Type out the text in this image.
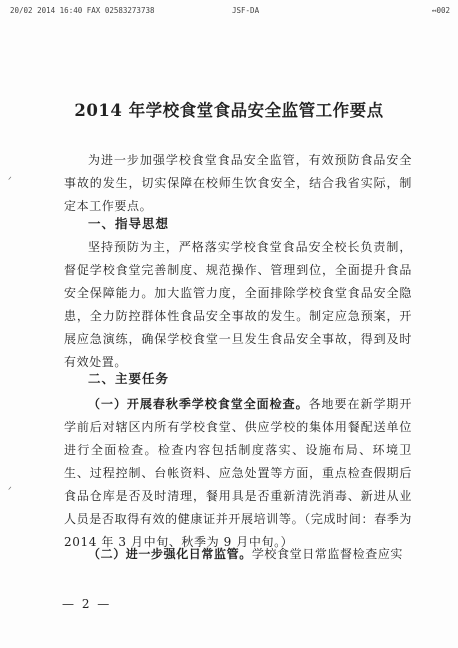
20/02 2014 16:40 FAX 02583273738	JSF-DA	↤002
ᐟ
ᐟ
2014 年学校食堂食品安全监管工作要点
为进一步加强学校食堂食品安全监管，有效预防食品安全事故的发生，切实保障在校师生饮食安全，结合我省实际，制定本工作要点。
一、指导思想
坚持预防为主，严格落实学校食堂食品安全校长负责制，督促学校食堂完善制度、规范操作、管理到位，全面提升食品安全保障能力。加大监管力度，全面排除学校食堂食品安全隐患，全力防控群体性食品安全事故的发生。制定应急预案，开展应急演练，确保学校食堂一旦发生食品安全事故，得到及时有效处置。
二、主要任务
（一）开展春秋季学校食堂全面检查。各地要在新学期开学前后对辖区内所有学校食堂、供应学校的集体用餐配送单位进行全面检查。检查内容包括制度落实、设施布局、环境卫生、过程控制、台帐资料、应急处置等方面，重点检查假期后食品仓库是否及时清理，餐用具是否重新清洗消毒、新进从业人员是否取得有效的健康证并开展培训等。（完成时间：春季为 2014 年 3 月中旬、秋季为 9 月中旬。）
（二）进一步强化日常监管。学校食堂日常监督检查应实
— 2 —
